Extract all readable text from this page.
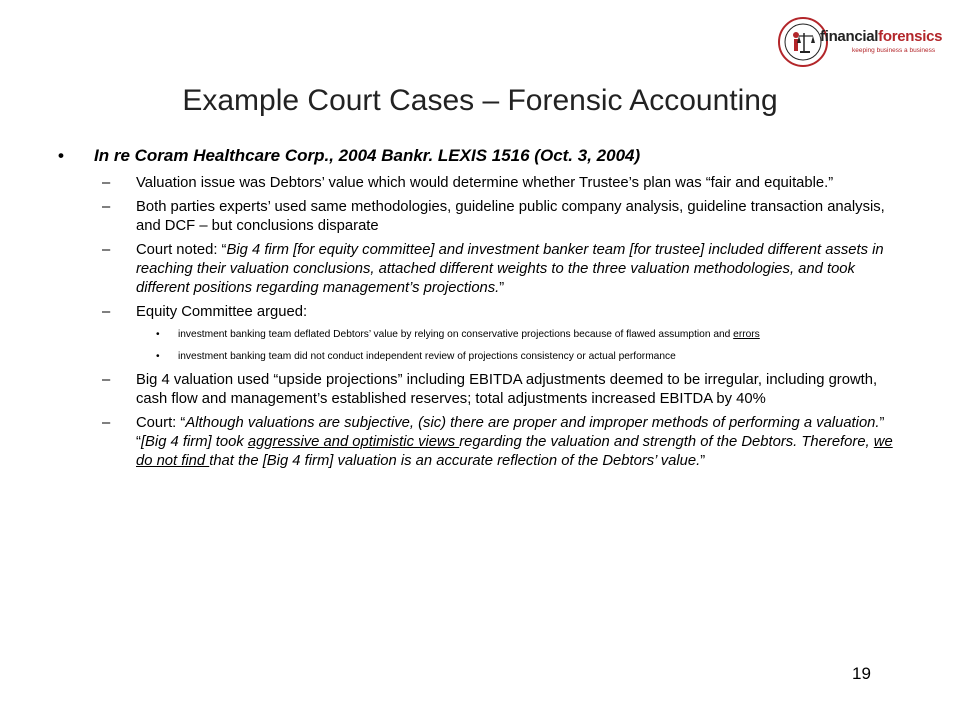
financialforensics
keeping business a business
Example Court Cases – Forensic Accounting
• In re Coram Healthcare Corp., 2004 Bankr. LEXIS 1516 (Oct. 3, 2004)
– Valuation issue was Debtors’ value which would determine whether Trustee’s plan was “fair and equitable.”
– Both parties experts’ used same methodologies, guideline public company analysis, guideline transaction analysis, and DCF – but conclusions disparate
– Court noted: “Big 4 firm [for equity committee] and investment banker team [for trustee] included different assets in reaching their valuation conclusions, attached different weights to the three valuation methodologies, and took different positions regarding management’s projections.”
– Equity Committee argued:
• investment banking team deflated Debtors’ value by relying on conservative projections because of flawed assumption and errors
• investment banking team did not conduct independent review of projections consistency or actual performance
– Big 4 valuation used “upside projections” including EBITDA adjustments deemed to be irregular, including growth, cash flow and management’s established reserves; total adjustments increased EBITDA by 40%
– Court: “Although valuations are subjective, (sic) there are proper and improper methods of performing a valuation.” “[Big 4 firm] took aggressive and optimistic views regarding the valuation and strength of the Debtors. Therefore, we do not find that the [Big 4 firm] valuation is an accurate reflection of the Debtors’ value.”
19
